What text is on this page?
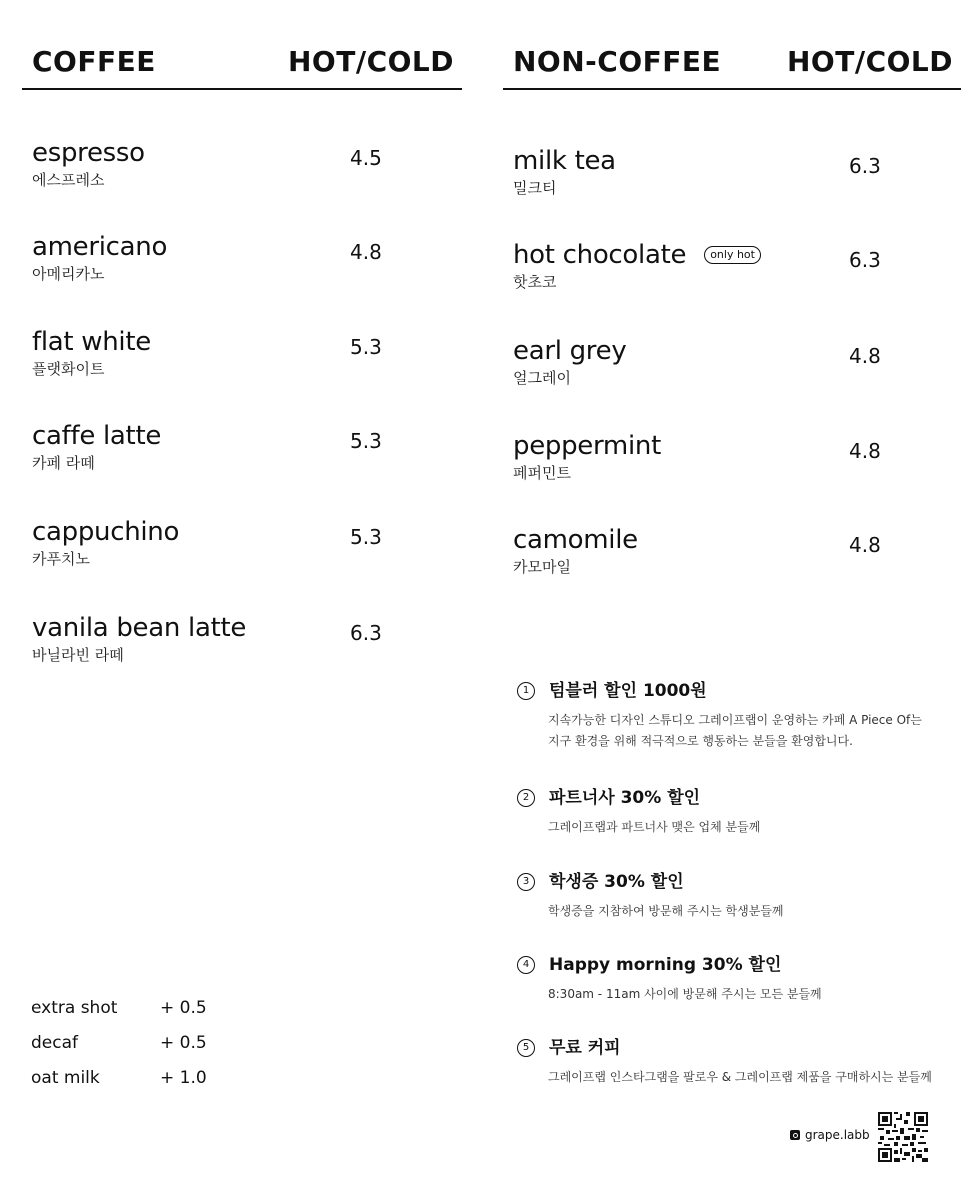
COFFEE	HOT/COLD
espresso
에스프레소
4.5
americano
아메리카노
4.8
flat white
플랫화이트
5.3
caffe latte
카페 라떼
5.3
cappuchino
카푸치노
5.3
vanila bean latte
바닐라빈 라떼
6.3
NON-COFFEE HOT/COLD
milk tea
밀크티
6.3
hot chocolate	only hot
핫초코
6.3
earl grey
얼그레이
4.8
peppermint
페퍼민트
4.8
camomile
카모마일
4.8
extra shot	+ 0.5
decaf	+ 0.5
oat milk	+ 1.0
1	텀블러 할인 1000원
지속가능한 디자인 스튜디오 그레이프랩이 운영하는 카페 A Piece Of는
지구 환경을 위해 적극적으로 행동하는 분들을 환영합니다.
2	파트너사 30% 할인
그레이프랩과 파트너사 맺은 업체 분들께
3	학생증 30% 할인
학생증을 지참하여 방문해 주시는 학생분들께
4	Happy morning 30% 할인
8:30am - 11am 사이에 방문해 주시는 모든 분들께
5	무료 커피
그레이프랩 인스타그램을 팔로우 & 그레이프랩 제품을 구매하시는 분들께
grape.labb
